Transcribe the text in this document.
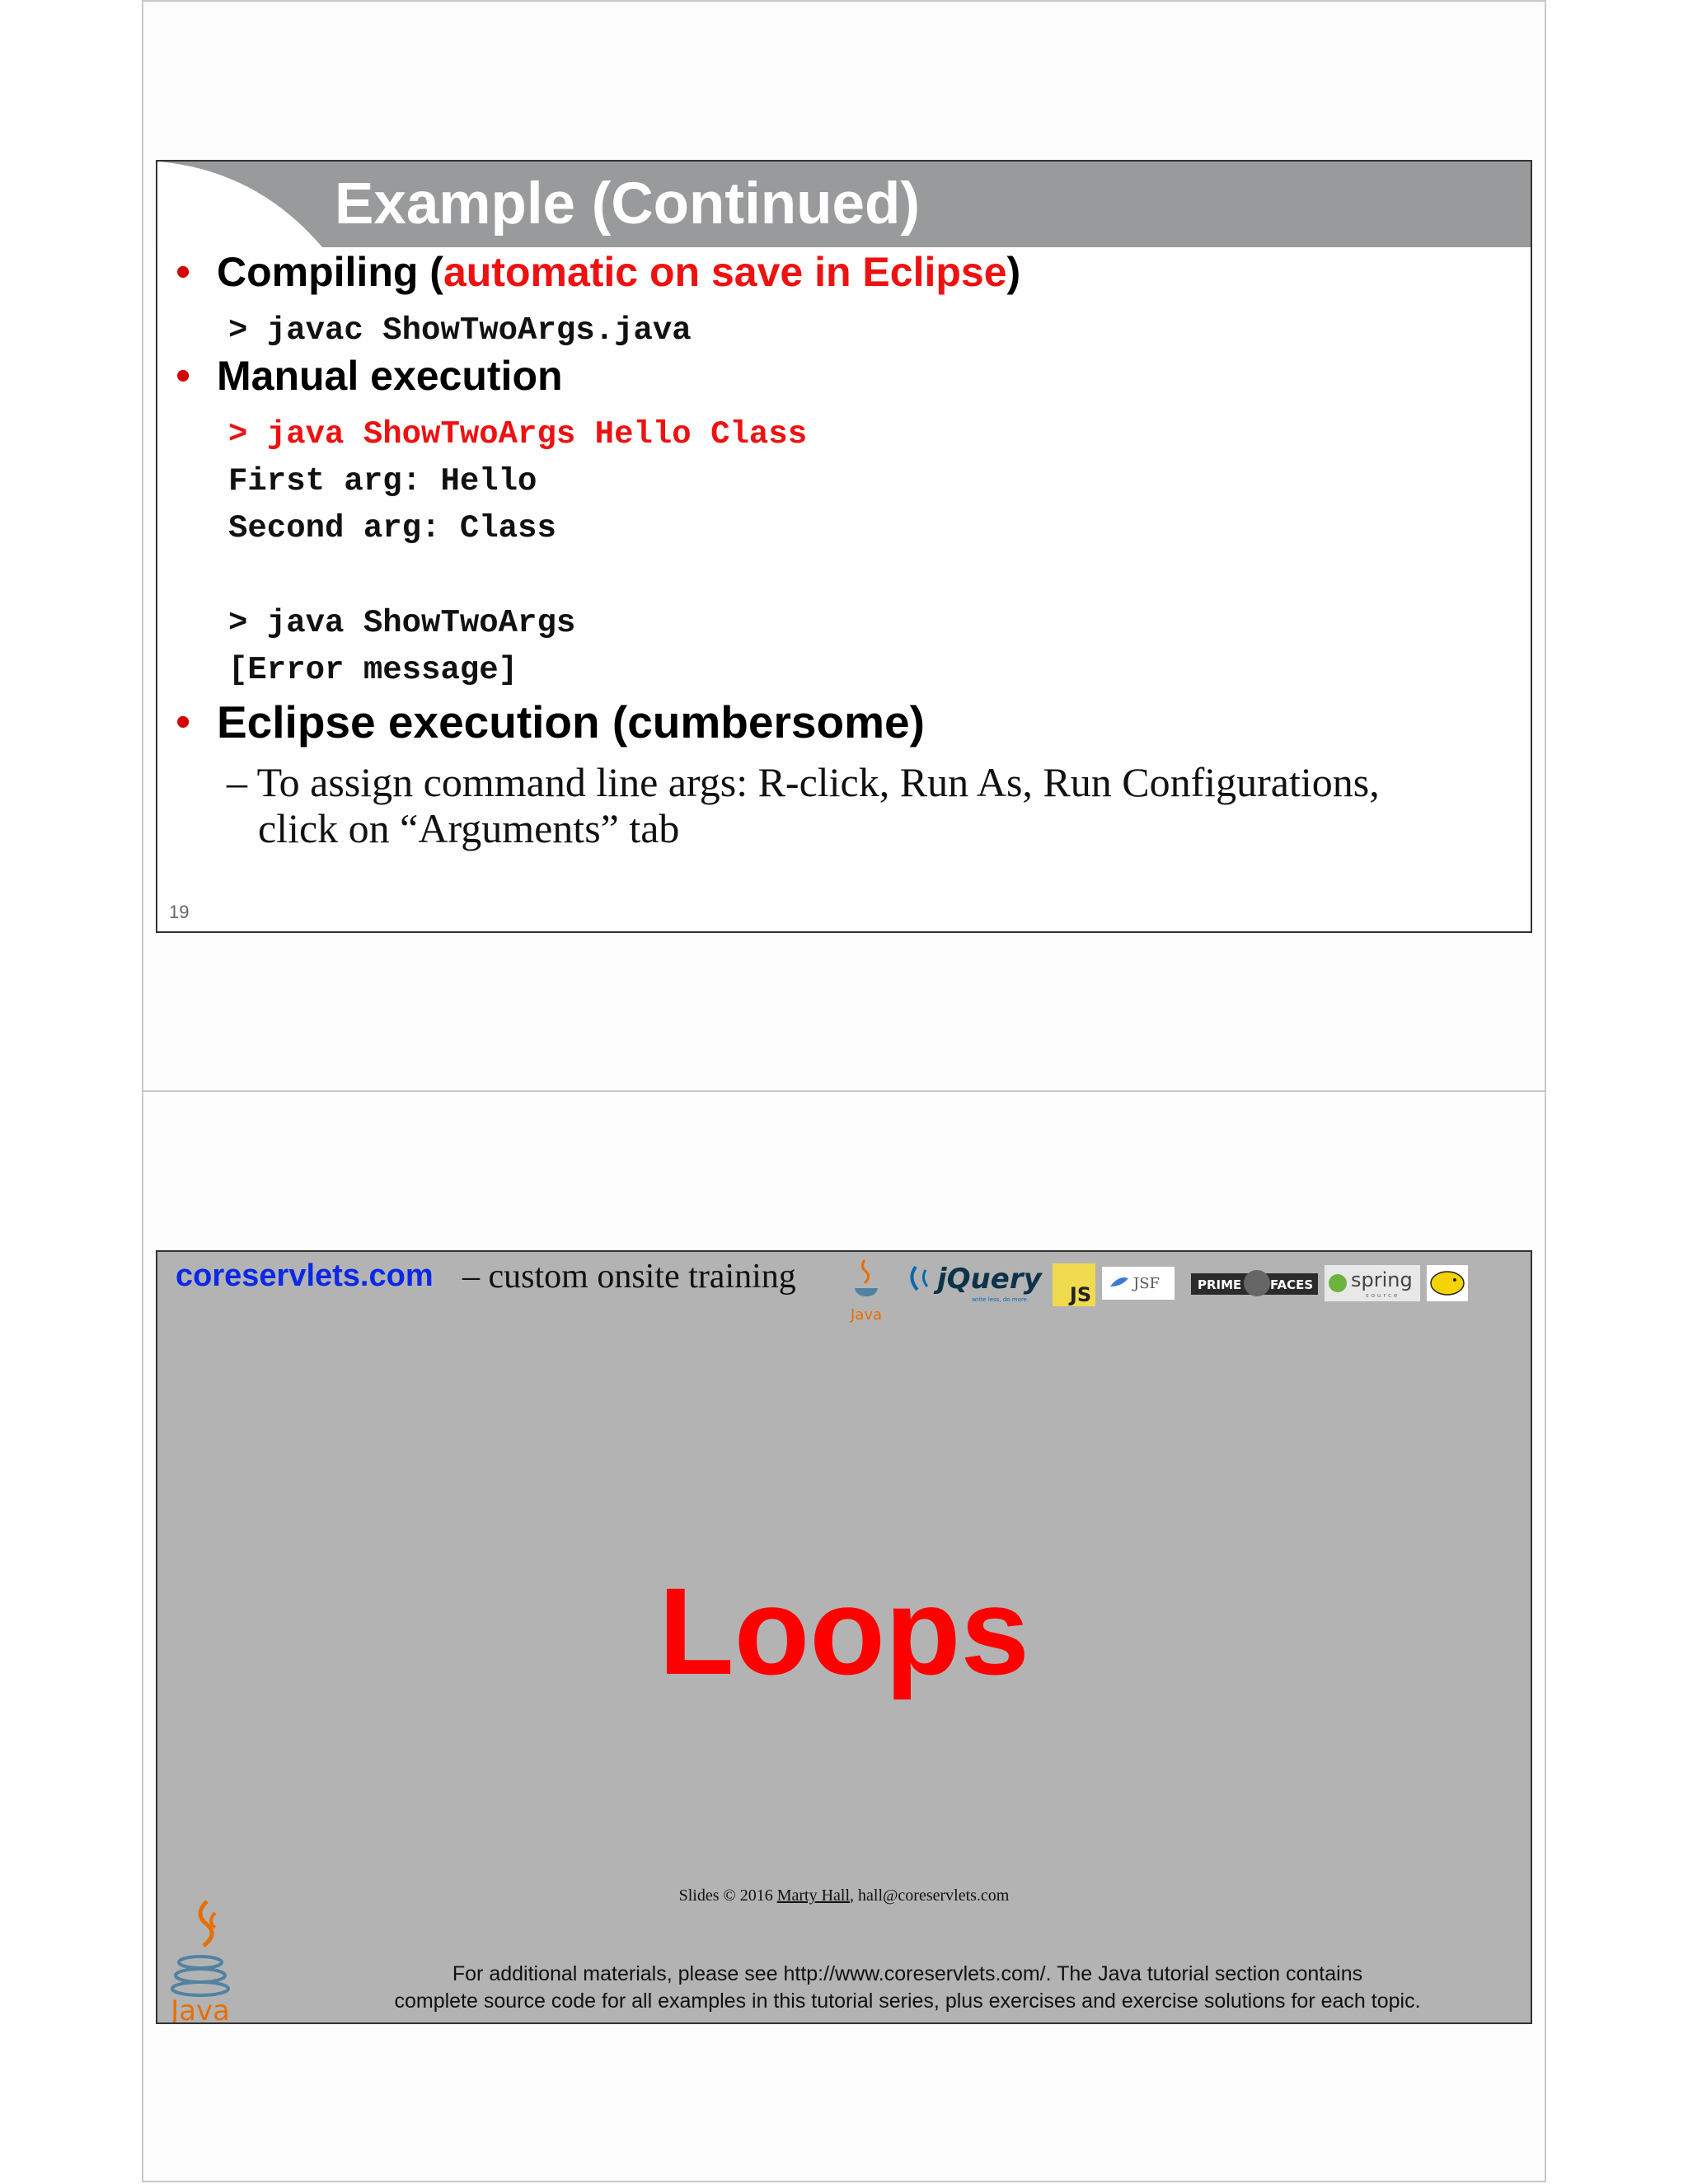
Example (Continued)
• Compiling (automatic on save in Eclipse)
> javac ShowTwoArgs.java
• Manual execution
> java ShowTwoArgs Hello Class
First arg: Hello
Second arg: Class
> java ShowTwoArgs
[Error message]
• Eclipse execution (cumbersome)
– To assign command line args: R-click, Run As, Run Configurations,
click on “Arguments” tab
19
coreservlets.com – custom onsite training
Java
jQuery
write less, do more. JS	JSF	PRIME FACES spring
source
Loops
Slides © 2016 Marty Hall, hall@coreservlets.com
Java
For additional materials, please see http://www.coreservlets.com/. The Java tutorial section contains
complete source code for all examples in this tutorial series, plus exercises and exercise solutions for each topic.
